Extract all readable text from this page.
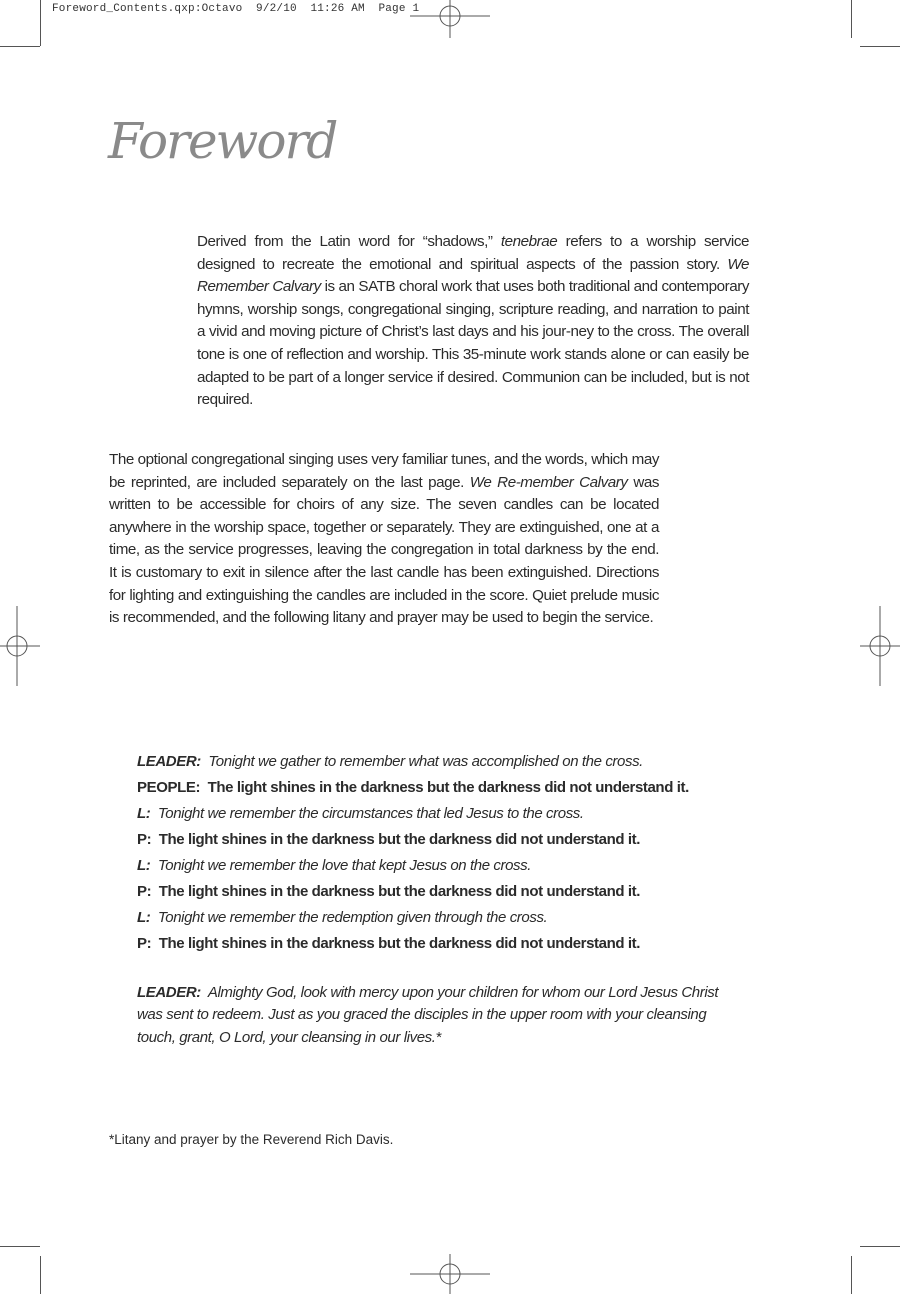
Foreword_Contents.qxp:Octavo  9/2/10  11:26 AM  Page 1
Foreword

Derived from the Latin word for “shadows,” tenebrae refers to a worship service designed to recreate the emotional and spiritual aspects of the passion story. We Remember Calvary is an SATB choral work that uses both traditional and contemporary hymns, worship songs, congregational singing, scripture reading, and narration to paint a vivid and moving picture of Christ’s last days and his jour-ney to the cross. The overall tone is one of reflection and worship. This 35-minute work stands alone or can easily be adapted to be part of a longer service if desired. Communion can be included, but is not required.

The optional congregational singing uses very familiar tunes, and the words, which may be reprinted, are included separately on the last page. We Re-member Calvary was written to be accessible for choirs of any size. The seven candles can be located anywhere in the worship space, together or separately. They are extinguished, one at a time, as the service progresses, leaving the congregation in total darkness by the end. It is customary to exit in silence after the last candle has been extinguished. Directions for lighting and extinguishing the candles are included in the score. Quiet prelude music is recommended, and the following litany and prayer may be used to begin the service.

LEADER: Tonight we gather to remember what was accomplished on the cross.
PEOPLE: The light shines in the darkness but the darkness did not understand it.
L: Tonight we remember the circumstances that led Jesus to the cross.
P: The light shines in the darkness but the darkness did not understand it.
L: Tonight we remember the love that kept Jesus on the cross.
P: The light shines in the darkness but the darkness did not understand it.
L: Tonight we remember the redemption given through the cross.
P: The light shines in the darkness but the darkness did not understand it.

LEADER: Almighty God, look with mercy upon your children for whom our Lord Jesus Christ was sent to redeem. Just as you graced the disciples in the upper room with your cleansing touch, grant, O Lord, your cleansing in our lives.*

*Litany and prayer by the Reverend Rich Davis.
